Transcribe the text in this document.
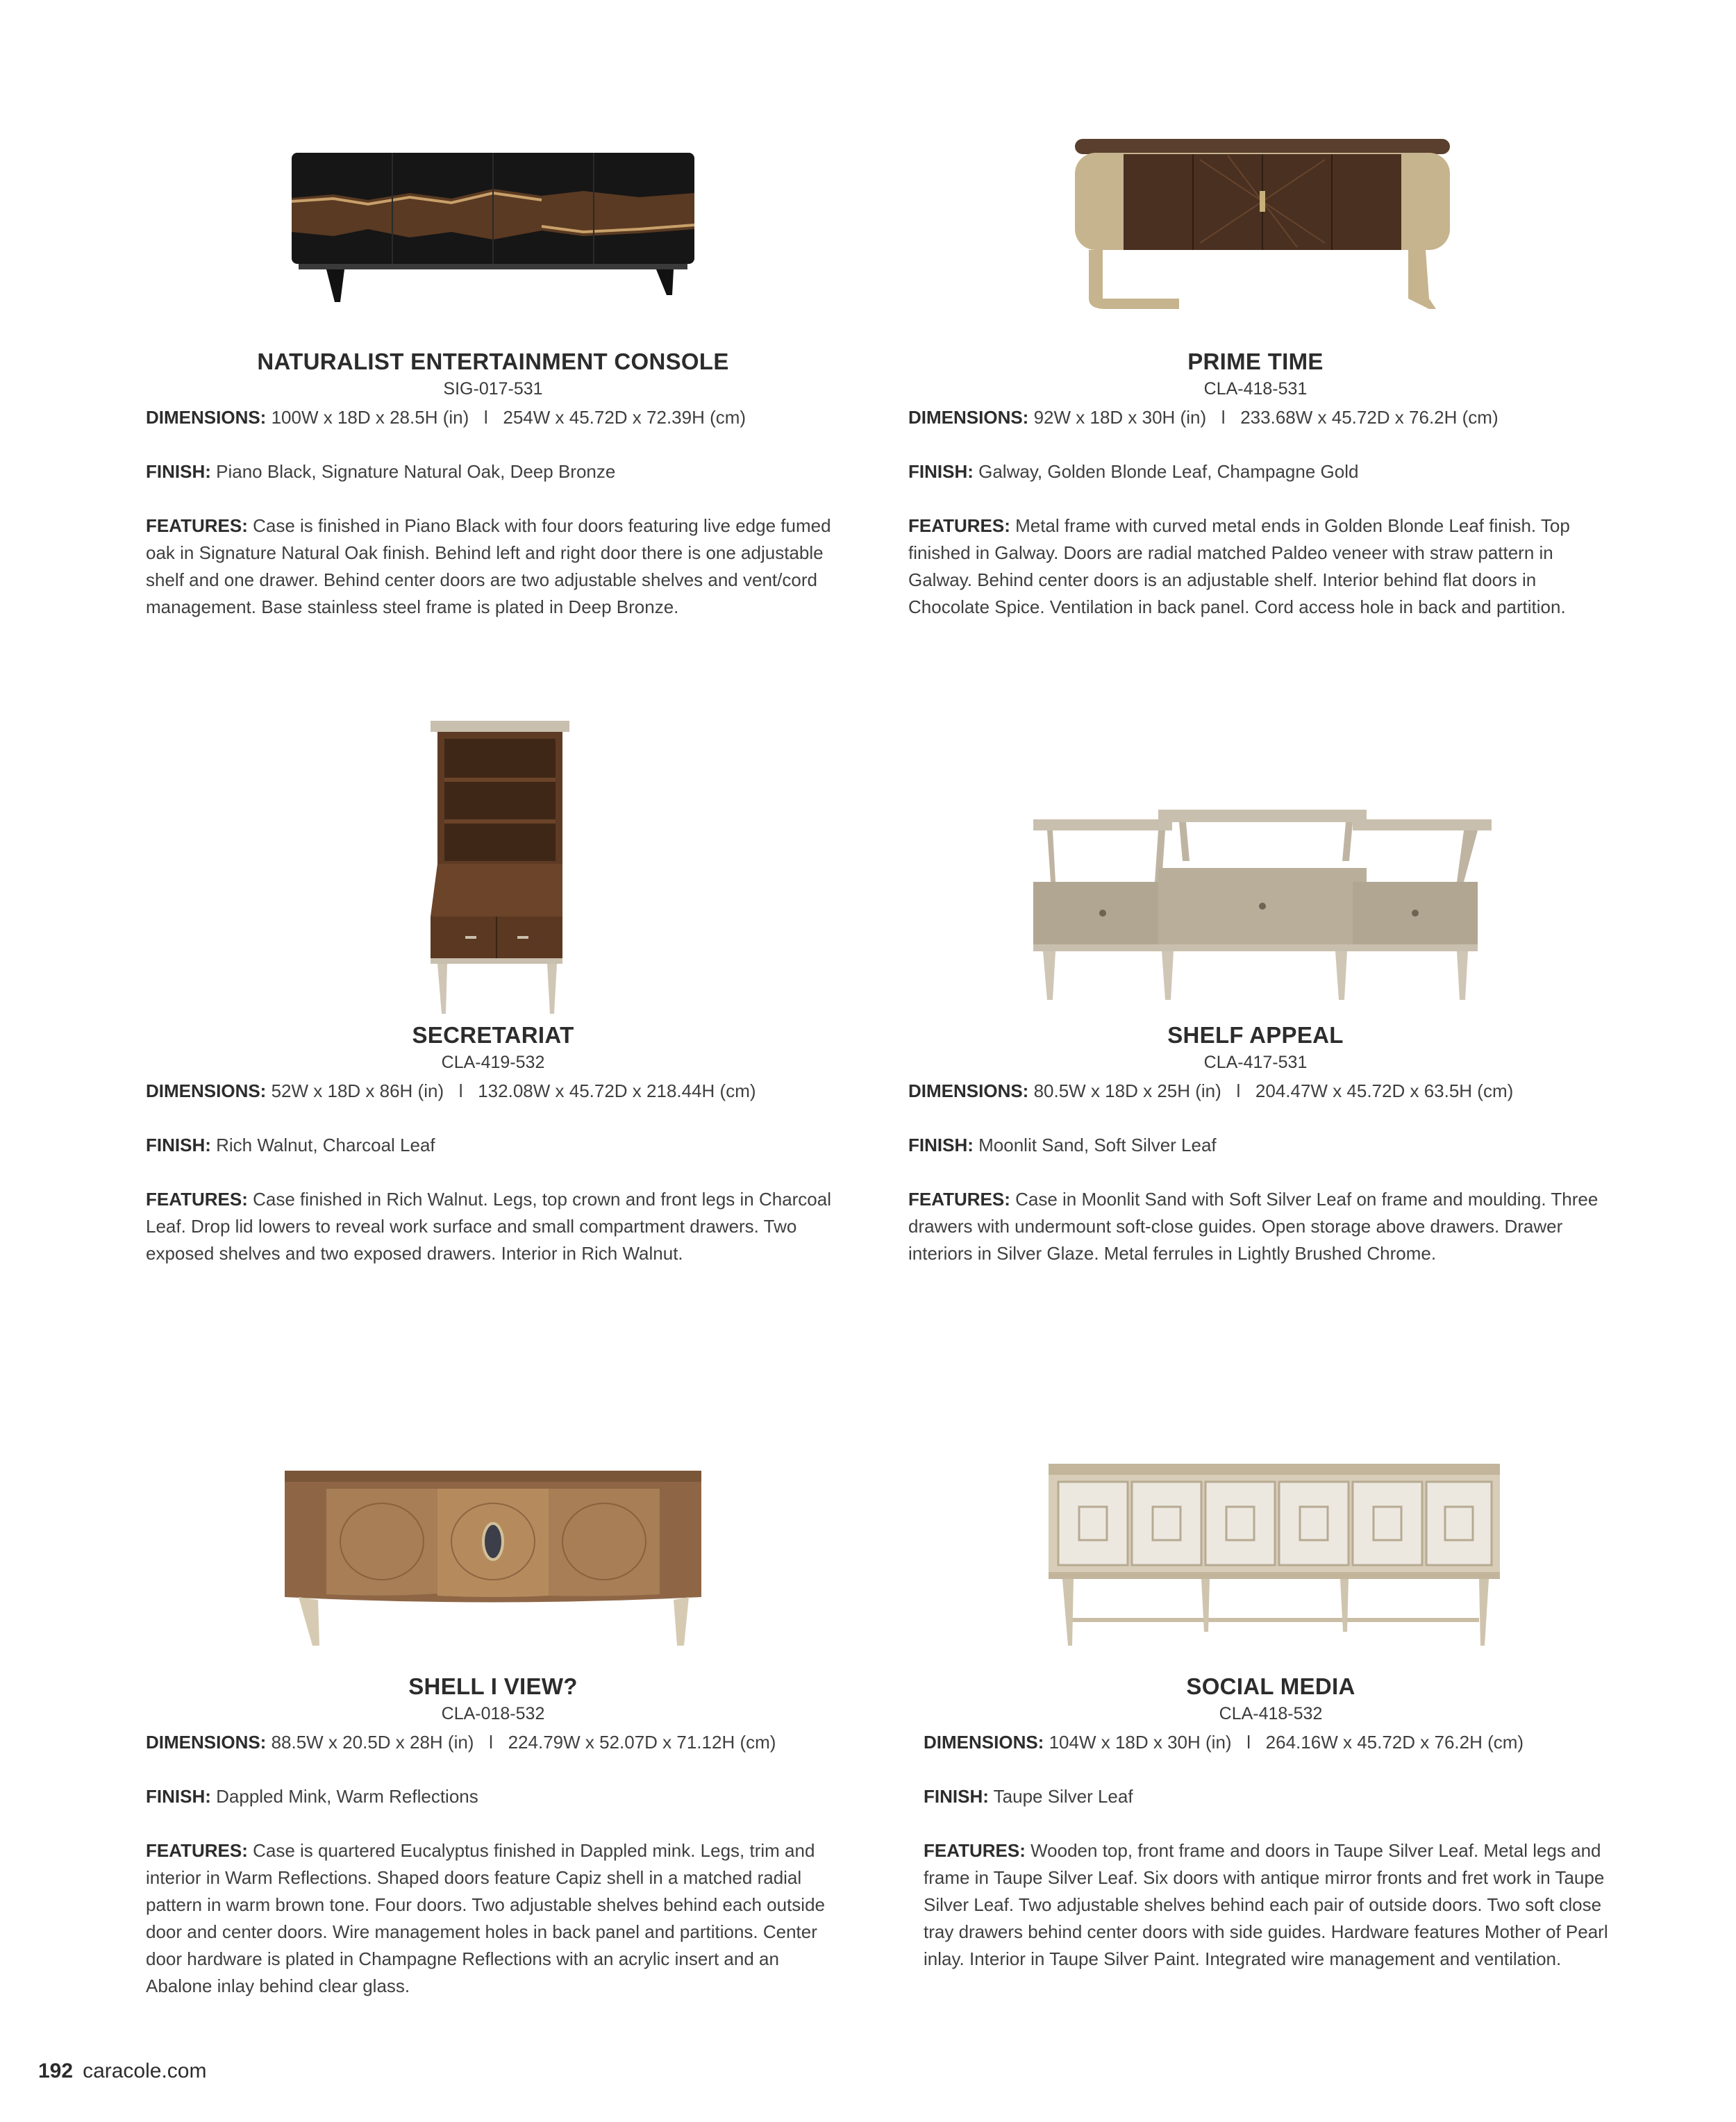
NATURALIST ENTERTAINMENT CONSOLE
SIG-017-531

DIMENSIONS: 100W x 18D x 28.5H (in)   l   254W x 45.72D x 72.39H (cm)

FINISH: Piano Black, Signature Natural Oak, Deep Bronze

FEATURES: Case is finished in Piano Black with four doors featuring live edge fumed oak in Signature Natural Oak finish. Behind left and right door there is one adjustable shelf and one drawer. Behind center doors are two adjustable shelves and vent/cord management. Base stainless steel frame is plated in Deep Bronze.

PRIME TIME
CLA-418-531

DIMENSIONS: 92W x 18D x 30H (in)   l   233.68W x 45.72D x 76.2H (cm)

FINISH: Galway, Golden Blonde Leaf, Champagne Gold

FEATURES: Metal frame with curved metal ends in Golden Blonde Leaf finish. Top finished in Galway. Doors are radial matched Paldeo veneer with straw pattern in Galway. Behind center doors is an adjustable shelf. Interior behind flat doors in Chocolate Spice. Ventilation in back panel. Cord access hole in back and partition.

SECRETARIAT
CLA-419-532

DIMENSIONS: 52W x 18D x 86H (in)   l   132.08W x 45.72D x 218.44H (cm)

FINISH: Rich Walnut, Charcoal Leaf

FEATURES: Case finished in Rich Walnut. Legs, top crown and front legs in Charcoal Leaf. Drop lid lowers to reveal work surface and small compartment drawers. Two exposed shelves and two exposed drawers. Interior in Rich Walnut.

SHELF APPEAL
CLA-417-531

DIMENSIONS: 80.5W x 18D x 25H (in)   l   204.47W x 45.72D x 63.5H (cm)

FINISH: Moonlit Sand, Soft Silver Leaf

FEATURES: Case in Moonlit Sand with Soft Silver Leaf on frame and moulding. Three drawers with undermount soft-close guides. Open storage above drawers. Drawer interiors in Silver Glaze. Metal ferrules in Lightly Brushed Chrome.

SHELL I VIEW?
CLA-018-532

DIMENSIONS: 88.5W x 20.5D x 28H (in)   l   224.79W x 52.07D x 71.12H (cm)

FINISH: Dappled Mink, Warm Reflections

FEATURES: Case is quartered Eucalyptus finished in Dappled mink. Legs, trim and interior in Warm Reflections. Shaped doors feature Capiz shell in a matched radial pattern in warm brown tone. Four doors. Two adjustable shelves behind each outside door and center doors. Wire management holes in back panel and partitions. Center door hardware is plated in Champagne Reflections with an acrylic insert and an Abalone inlay behind clear glass.

SOCIAL MEDIA
CLA-418-532

DIMENSIONS: 104W x 18D x 30H (in)   l   264.16W x 45.72D x 76.2H (cm)

FINISH: Taupe Silver Leaf

FEATURES: Wooden top, front frame and doors in Taupe Silver Leaf. Metal legs and frame in Taupe Silver Leaf. Six doors with antique mirror fronts and fret work in Taupe Silver Leaf. Two adjustable shelves behind each pair of outside doors. Two soft close tray drawers behind center doors with side guides. Hardware features Mother of Pearl inlay. Interior in Taupe Silver Paint. Integrated wire management and ventilation.

192 caracole.com
